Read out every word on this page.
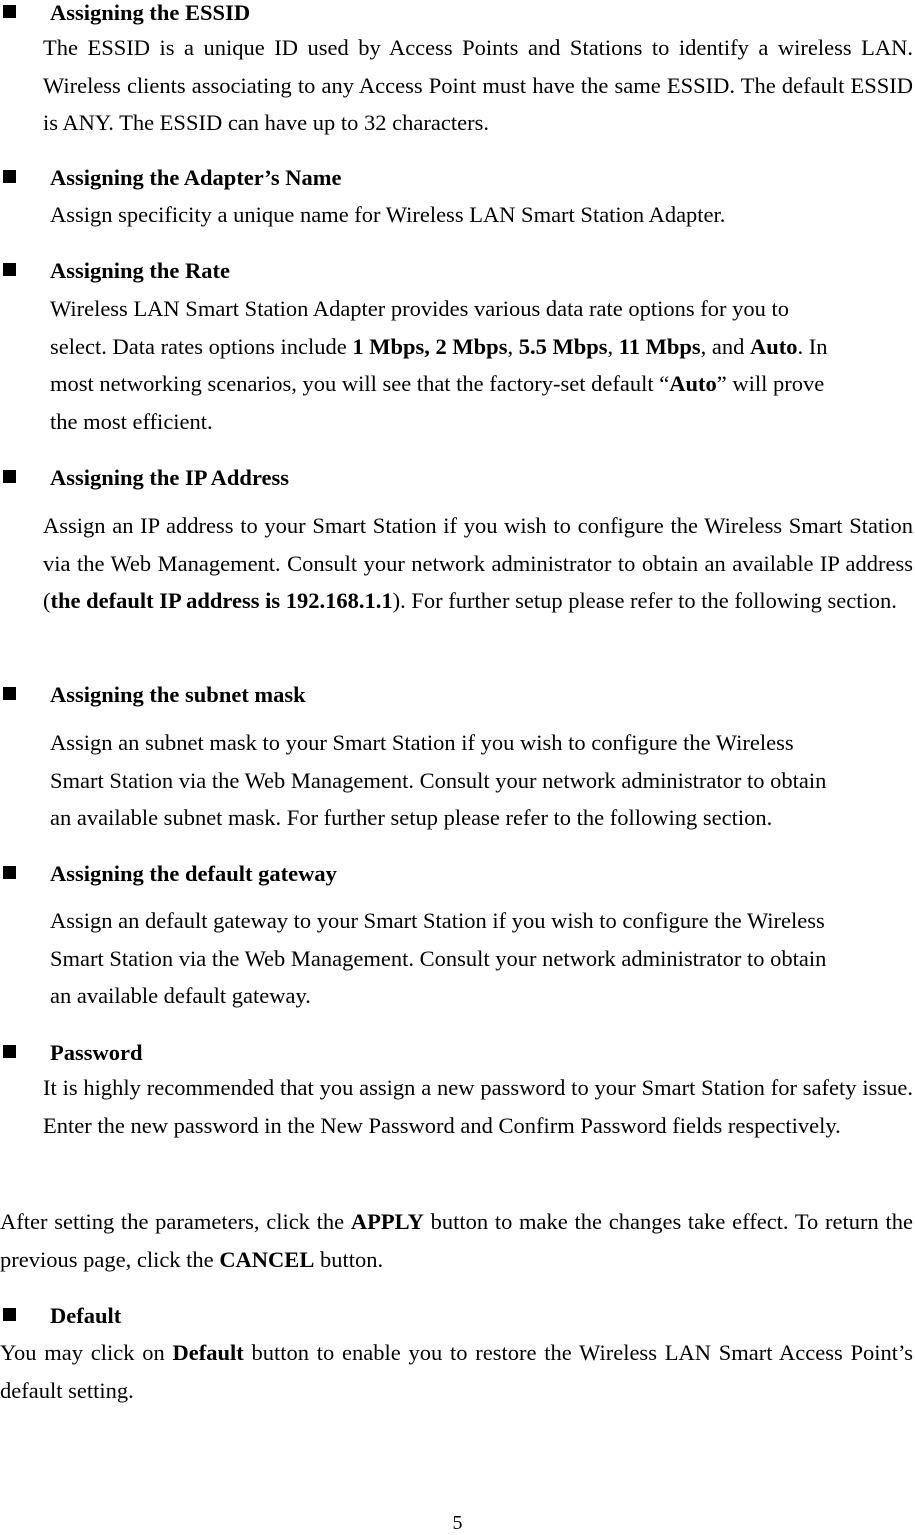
Assigning the ESSID

The ESSID is a unique ID used by Access Points and Stations to identify a wireless LAN. Wireless clients associating to any Access Point must have the same ESSID. The default ESSID is ANY. The ESSID can have up to 32 characters.

Assigning the Adapter’s Name

Assign specificity a unique name for Wireless LAN Smart Station Adapter.

Assigning the Rate

Wireless LAN Smart Station Adapter provides various data rate options for you to
select. Data rates options include 1 Mbps, 2 Mbps, 5.5 Mbps, 11 Mbps, and Auto. In
most networking scenarios, you will see that the factory-set default “Auto” will prove
the most efficient.

Assigning the IP Address

Assign an IP address to your Smart Station if you wish to configure the Wireless Smart Station via the Web Management. Consult your network administrator to obtain an available IP address (the default IP address is 192.168.1.1). For further setup please refer to the following section.

Assigning the subnet mask

Assign an subnet mask to your Smart Station if you wish to configure the Wireless
Smart Station via the Web Management. Consult your network administrator to obtain
an available subnet mask. For further setup please refer to the following section.

Assigning the default gateway

Assign an default gateway to your Smart Station if you wish to configure the Wireless
Smart Station via the Web Management. Consult your network administrator to obtain
an available default gateway.

Password

It is highly recommended that you assign a new password to your Smart Station for safety issue. Enter the new password in the New Password and Confirm Password fields respectively.

After setting the parameters, click the APPLY button to make the changes take effect. To return the previous page, click the CANCEL button.

Default

You may click on Default button to enable you to restore the Wireless LAN Smart Access Point’s default setting.

5
